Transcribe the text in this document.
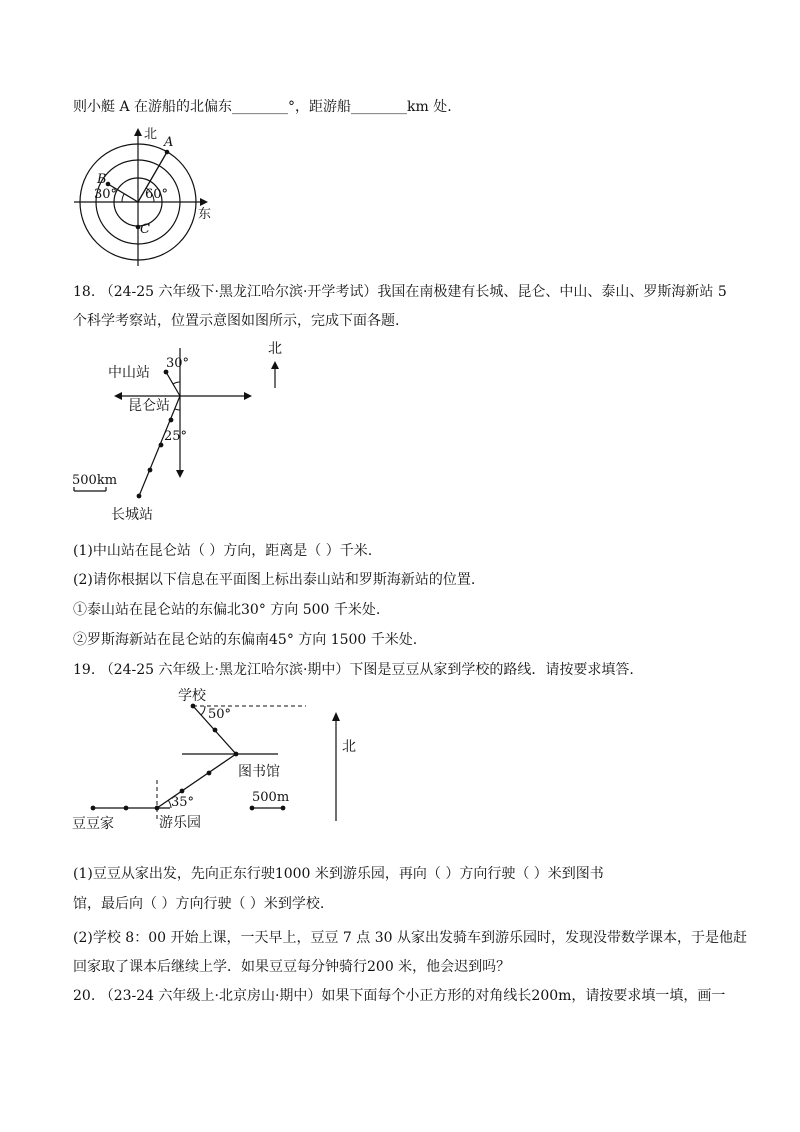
则小艇 A 在游船的北偏东________°，距游船________km 处.
北
东
A
B
C
30° 60°
18. （24-25 六年级下·黑龙江哈尔滨·开学考试）我国在南极建有长城、昆仑、中山、泰山、罗斯海新站 5
个科学考察站，位置示意图如图所示，完成下面各题.
30°
25°
中山站
昆仑站
长城站
500km
北
(1)中山站在昆仑站（ ）方向，距离是（ ）千米.
(2)请你根据以下信息在平面图上标出泰山站和罗斯海新站的位置.
①泰山站在昆仑站的东偏北30° 方向 500 千米处.
②罗斯海新站在昆仑站的东偏南45° 方向 1500 千米处.
19. （24-25 六年级上·黑龙江哈尔滨·期中）下图是豆豆从家到学校的路线．请按要求填答.
50°
35°
学校
图书馆
豆豆家	游乐园
500m
北
(1)豆豆从家出发，先向正东行驶1000 米到游乐园，再向（ ）方向行驶（ ）米到图书
馆，最后向（ ）方向行驶（ ）米到学校.
(2)学校 8：00 开始上课，一天早上，豆豆 7 点 30 从家出发骑车到游乐园时，发现没带数学课本，于是他赶
回家取了课本后继续上学．如果豆豆每分钟骑行200 米，他会迟到吗？
20. （23-24 六年级上·北京房山·期中）如果下面每个小正方形的对角线长200m，请按要求填一填，画一
